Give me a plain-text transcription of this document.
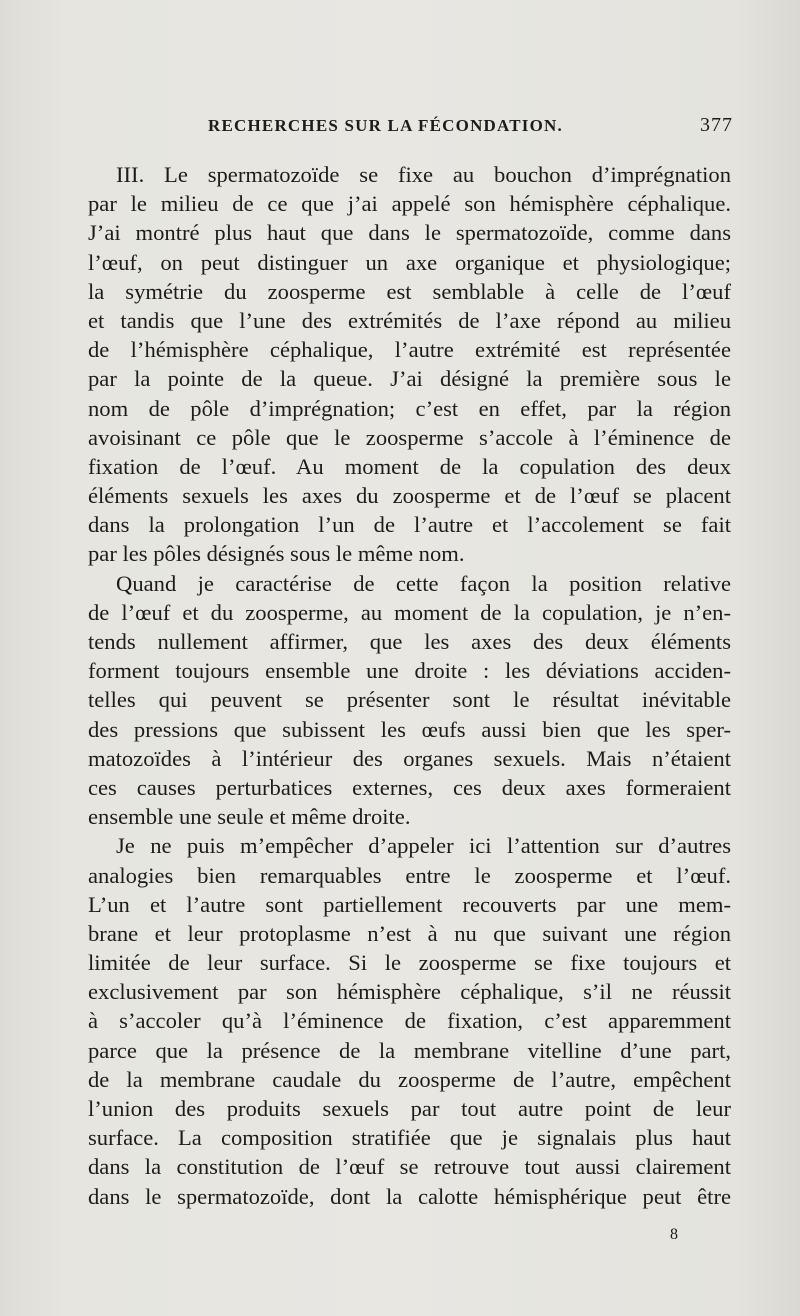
RECHERCHES SUR LA FÉCONDATION.	377
III. Le spermatozoïde se fixe au bouchon d’imprégnation
par le milieu de ce que j’ai appelé son hémisphère céphalique.
J’ai montré plus haut que dans le spermatozoïde, comme dans
l’œuf, on peut distinguer un axe organique et physiologique;
la symétrie du zoosperme est semblable à celle de l’œuf
et tandis que l’une des extrémités de l’axe répond au milieu
de l’hémisphère céphalique, l’autre extrémité est représentée
par la pointe de la queue. J’ai désigné la première sous le
nom de pôle d’imprégnation; c’est en effet, par la région
avoisinant ce pôle que le zoosperme s’accole à l’éminence de
fixation de l’œuf. Au moment de la copulation des deux
éléments sexuels les axes du zoosperme et de l’œuf se placent
dans la prolongation l’un de l’autre et l’accolement se fait
par les pôles désignés sous le même nom.
Quand je caractérise de cette façon la position relative
de l’œuf et du zoosperme, au moment de la copulation, je n’en-
tends nullement affirmer, que les axes des deux éléments
forment toujours ensemble une droite : les déviations acciden-
telles qui peuvent se présenter sont le résultat inévitable
des pressions que subissent les œufs aussi bien que les sper-
matozoïdes à l’intérieur des organes sexuels. Mais n’étaient
ces causes perturbatices externes, ces deux axes formeraient
ensemble une seule et même droite.
Je ne puis m’empêcher d’appeler ici l’attention sur d’autres
analogies bien remarquables entre le zoosperme et l’œuf.
L’un et l’autre sont partiellement recouverts par une mem-
brane et leur protoplasme n’est à nu que suivant une région
limitée de leur surface. Si le zoosperme se fixe toujours et
exclusivement par son hémisphère céphalique, s’il ne réussit
à s’accoler qu’à l’éminence de fixation, c’est apparemment
parce que la présence de la membrane vitelline d’une part,
de la membrane caudale du zoosperme de l’autre, empêchent
l’union des produits sexuels par tout autre point de leur
surface. La composition stratifiée que je signalais plus haut
dans la constitution de l’œuf se retrouve tout aussi clairement
dans le spermatozoïde, dont la calotte hémisphérique peut être
8
